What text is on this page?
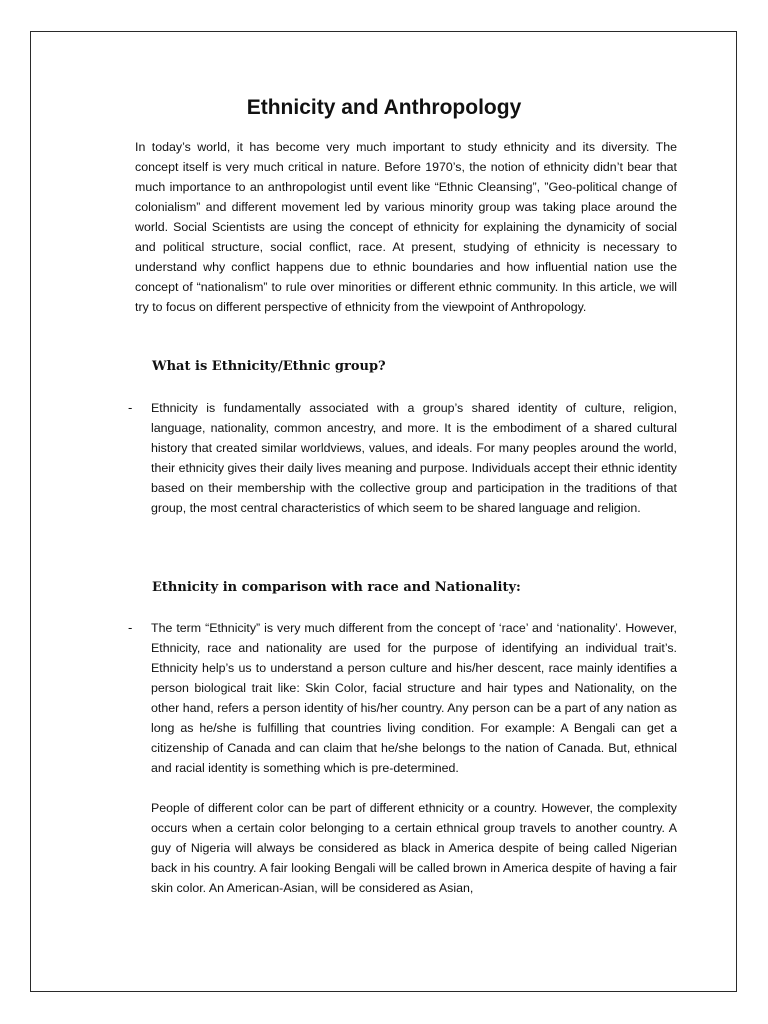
Ethnicity and Anthropology

In today’s world, it has become very much important to study ethnicity and its diversity. The concept itself is very much critical in nature. Before 1970’s, the notion of ethnicity didn’t bear that much importance to an anthropologist until event like “Ethnic Cleansing”, ”Geo-political change of colonialism” and different movement led by various minority group was taking place around the world. Social Scientists are using the concept of ethnicity for explaining the dynamicity of social and political structure, social conflict, race. At present, studying of ethnicity is necessary to understand why conflict happens due to ethnic boundaries and how influential nation use the concept of “nationalism” to rule over minorities or different ethnic community. In this article, we will try to focus on different perspective of ethnicity from the viewpoint of Anthropology.

What is Ethnicity/Ethnic group?
- Ethnicity is fundamentally associated with a group’s shared identity of culture, religion, language, nationality, common ancestry, and more. It is the embodiment of a shared cultural history that created similar worldviews, values, and ideals. For many peoples around the world, their ethnicity gives their daily lives meaning and purpose. Individuals accept their ethnic identity based on their membership with the collective group and participation in the traditions of that group, the most central characteristics of which seem to be shared language and religion.

Ethnicity in comparison with race and Nationality:
- The term “Ethnicity” is very much different from the concept of ‘race’ and ‘nationality’. However, Ethnicity, race and nationality are used for the purpose of identifying an individual trait’s. Ethnicity help’s us to understand a person culture and his/her descent, race mainly identifies a person biological trait like: Skin Color, facial structure and hair types and Nationality, on the other hand, refers a person identity of his/her country. Any person can be a part of any nation as long as he/she is fulfilling that countries living condition. For example: A Bengali can get a citizenship of Canada and can claim that he/she belongs to the nation of Canada. But, ethnical and racial identity is something which is pre-determined.

People of different color can be part of different ethnicity or a country. However, the complexity occurs when a certain color belonging to a certain ethnical group travels to another country. A guy of Nigeria will always be considered as black in America despite of being called Nigerian back in his country. A fair looking Bengali will be called brown in America despite of having a fair skin color. An American-Asian, will be considered as Asian,
